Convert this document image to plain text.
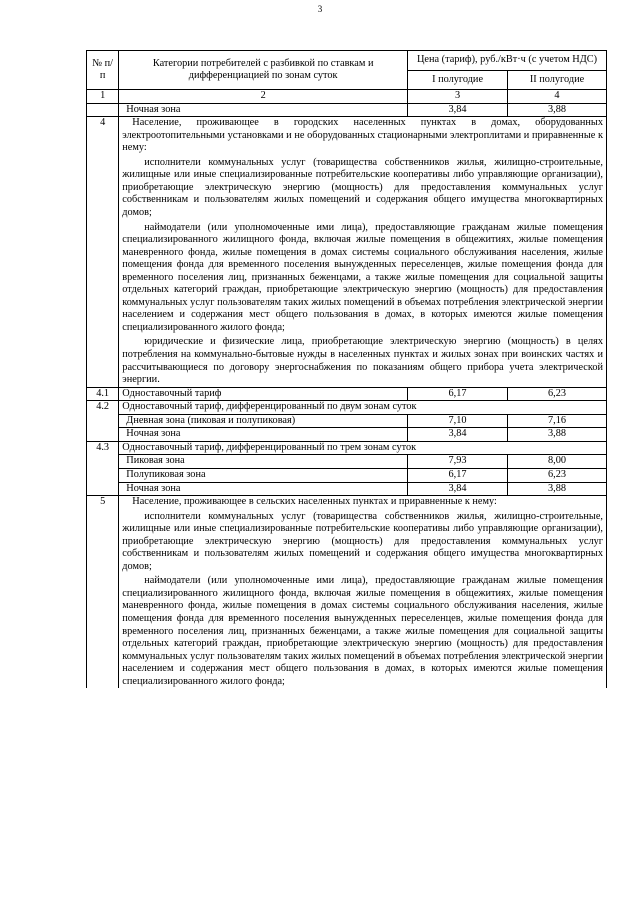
3
№ п/п	Категории потребителей с разбивкой по ставкам и дифференциацией по зонам суток	Цена (тариф), руб./кВт·ч (с учетом НДС)	
		I полугодие	II полугодие
1	2	3	4
	Ночная зона	3,84	3,88
4	Население, проживающее в городских населенных пунктах в домах, оборудованных электроотопительными установками и не оборудованных стационарными электроплитами и приравненные к нему:

исполнители коммунальных услуг (товарищества собственников жилья, жилищно-строительные, жилищные или иные специализированные потребительские кооперативы либо управляющие организации), приобретающие электрическую энергию (мощность) для предоставления коммунальных услуг собственникам и пользователям жилых помещений и содержания общего имущества многоквартирных домов;

наймодатели (или уполномоченные ими лица), предоставляющие гражданам жилые помещения специализированного жилищного фонда, включая жилые помещения в общежитиях, жилые помещения маневренного фонда, жилые помещения в домах системы социального обслуживания населения, жилые помещения фонда для временного поселения вынужденных переселенцев, жилые помещения фонда для временного поселения лиц, признанных беженцами, а также жилые помещения для социальной защиты отдельных категорий граждан, приобретающие электрическую энергию (мощность) для предоставления коммунальных услуг пользователям таких жилых помещений в объемах потребления электрической энергии населением и содержания мест общего пользования в домах, в которых имеются жилые помещения специализированного жилого фонда;

юридические и физические лица, приобретающие электрическую энергию (мощность) в целях потребления на коммунально-бытовые нужды в населенных пунктах и жилых зонах при воинских частях и рассчитывающиеся по договору энергоснабжения по показаниям общего прибора учета электрической энергии.		

4.1	Одноставочный тариф	6,17	6,23
4.2	Одноставочный тариф, дифференцированный по двум зонам суток		
	Дневная зона (пиковая и полупиковая)	7,10	7,16
	Ночная зона	3,84	3,88
4.3	Одноставочный тариф, дифференцированный по трем зонам суток		
	Пиковая зона	7,93	8,00
	Полупиковая зона	6,17	6,23
	Ночная зона	3,84	3,88
5	Население, проживающее в сельских населенных пунктах и приравненные к нему:

исполнители коммунальных услуг (товарищества собственников жилья, жилищно-строительные, жилищные или иные специализированные потребительские кооперативы либо управляющие организации), приобретающие электрическую энергию (мощность) для предоставления коммунальных услуг собственникам и пользователям жилых помещений и содержания общего имущества многоквартирных домов;

наймодатели (или уполномоченные ими лица), предоставляющие гражданам жилые помещения специализированного жилищного фонда, включая жилые помещения в общежитиях, жилые помещения маневренного фонда, жилые помещения в домах системы социального обслуживания населения, жилые помещения фонда для временного поселения вынужденных переселенцев, жилые помещения фонда для временного поселения лиц, признанных беженцами, а также жилые помещения для социальной защиты отдельных категорий граждан, приобретающие электрическую энергию (мощность) для предоставления коммунальных услуг пользователям таких жилых помещений в объемах потребления электрической энергии населением и содержания мест общего пользования в домах, в которых имеются жилые помещения специализированного жилого фонда;		
